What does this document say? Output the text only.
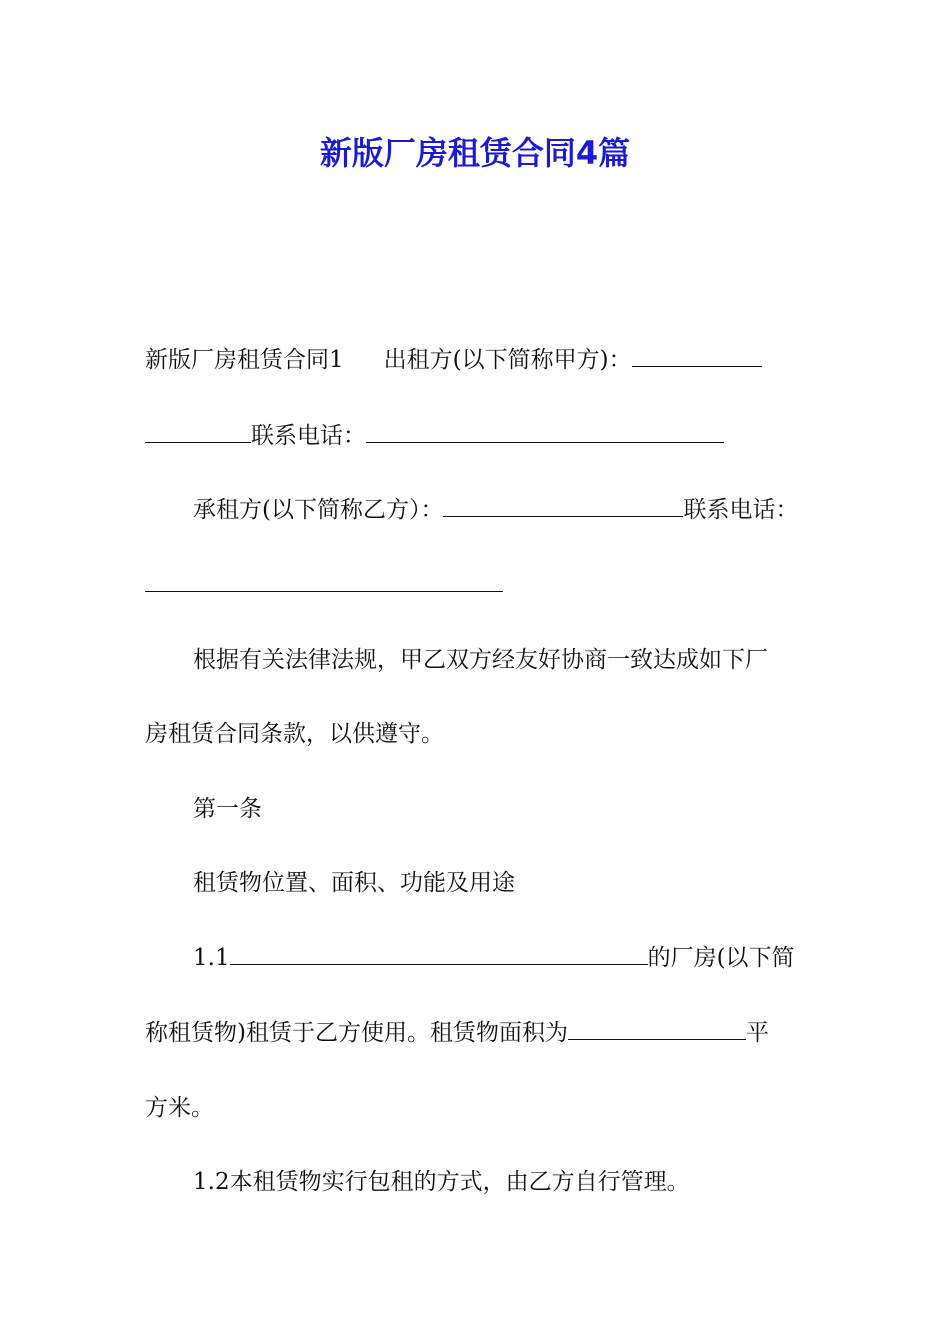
新版厂房租赁合同4篇
新版厂房租赁合同1 出租方(以下简称甲方)：
联系电话：
承租方(以下简称乙方）：	联系电话：
根据有关法律法规，甲乙双方经友好协商一致达成如下厂
房租赁合同条款，以供遵守。
第一条
租赁物位置、面积、功能及用途
1.1	的厂房(以下简
称租赁物)租赁于乙方使用。租赁物面积为	平
方米。
1.2本租赁物实行包租的方式，由乙方自行管理。
